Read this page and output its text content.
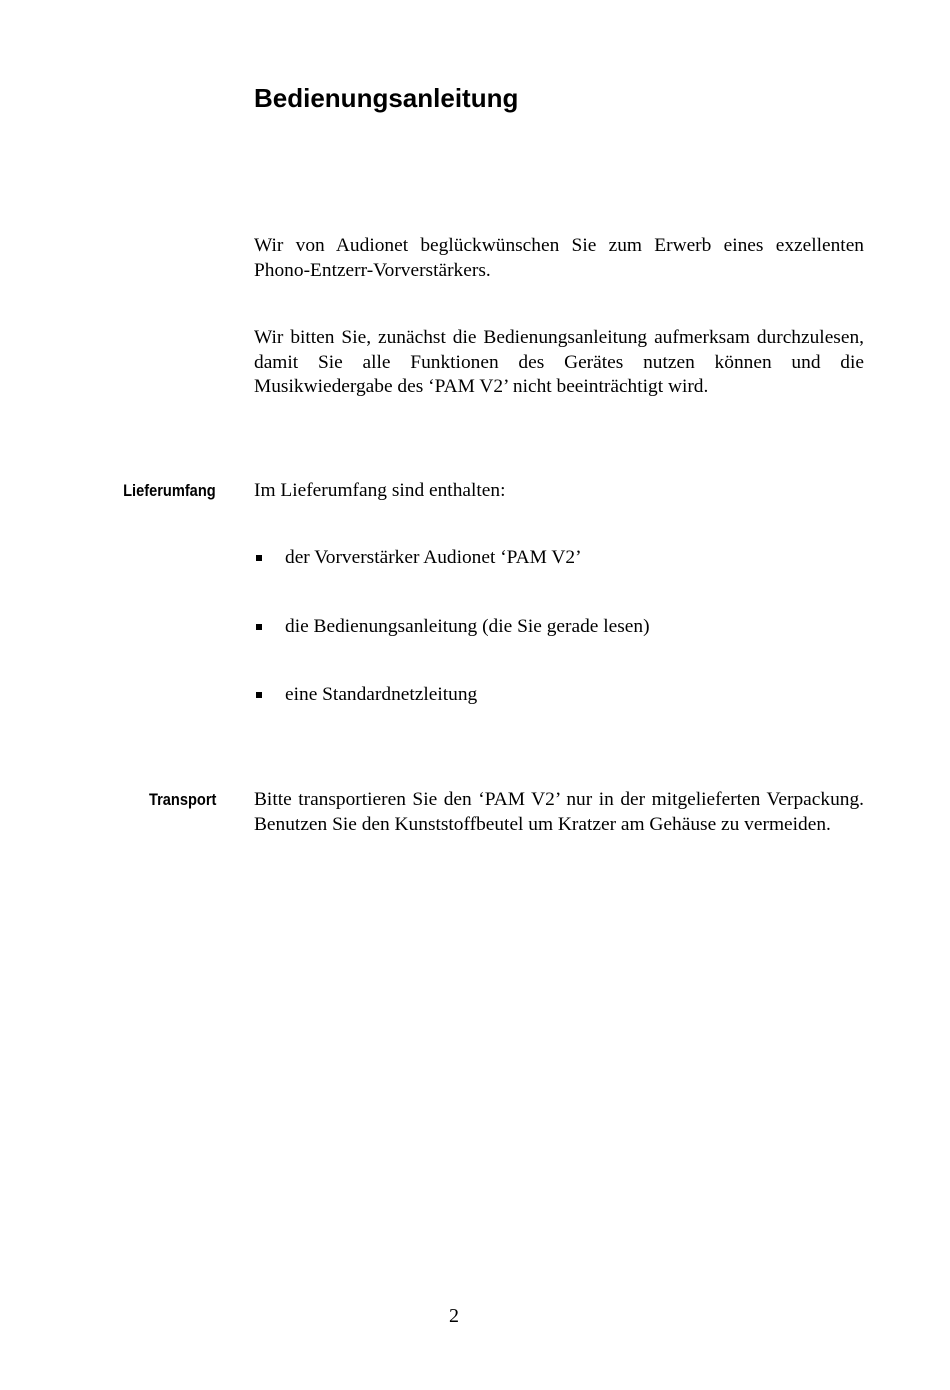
Bedienungsanleitung

Wir von Audionet beglückwünschen Sie zum Erwerb eines exzellenten Phono-Entzerr-Vorverstärkers.

Wir bitten Sie, zunächst die Bedienungsanleitung aufmerksam durchzulesen, damit Sie alle Funktionen des Gerätes nutzen können und die Musikwiedergabe des ‘PAM V2’ nicht beeinträchtigt wird.

Lieferumfang Im Lieferumfang sind enthalten:

der Vorverstärker Audionet ‘PAM V2’
die Bedienungsanleitung (die Sie gerade lesen)
eine Standardnetzleitung

Transport Bitte transportieren Sie den ‘PAM V2’ nur in der mitgelieferten Verpackung. Benutzen Sie den Kunststoffbeutel um Kratzer am Gehäuse zu vermeiden.

2
